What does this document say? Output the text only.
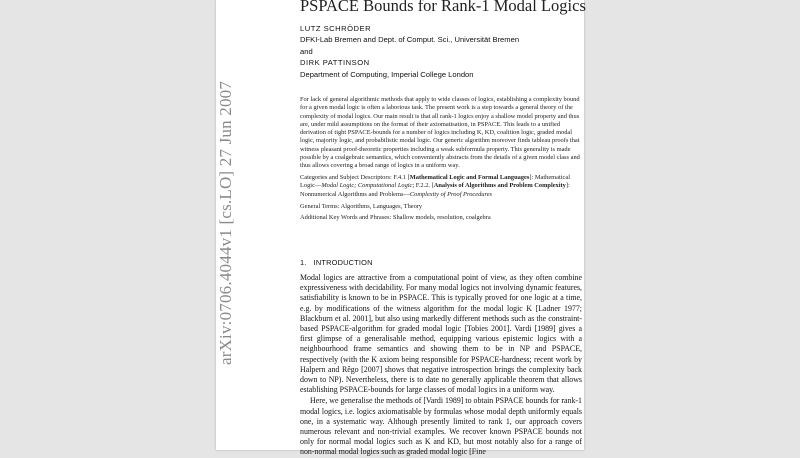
arXiv:0706.4044v1 [cs.LO] 27 Jun 2007
PSPACE Bounds for Rank-1 Modal Logics
LUTZ SCHRÖDER
DFKI-Lab Bremen and Dept. of Comput. Sci., Universität Bremen
and
DIRK PATTINSON
Department of Computing, Imperial College London

For lack of general algorithmic methods that apply to wide classes of logics, establishing a complexity bound for a given modal logic is often a laborious task. The present work is a step towards a general theory of the complexity of modal logics. Our main result is that all rank-1 logics enjoy a shallow model property and thus are, under mild assumptions on the format of their axiomatisation, in PSPACE. This leads to a unified derivation of tight PSPACE-bounds for a number of logics including K, KD, coalition logic, graded modal logic, majority logic, and probabilistic modal logic. Our generic algorithm moreover finds tableau proofs that witness pleasant proof-theoretic properties including a weak subformula property. This generality is made possible by a coalgebraic semantics, which conveniently abstracts from the details of a given model class and thus allows covering a broad range of logics in a uniform way.

Categories and Subject Descriptors: F.4.1 [Mathematical Logic and Formal Languages]: Mathematical Logic—Modal Logic; Computational Logic; F.2.2. [Analysis of Algorithms and Problem Complexity]: Nonnumerical Algorithms and Problems—Complexity of Proof Procedures

General Terms: Algorithms, Languages, Theory

Additional Key Words and Phrases: Shallow models, resolution, coalgebra

1. INTRODUCTION

Modal logics are attractive from a computational point of view, as they often combine expressiveness with decidability. For many modal logics not involving dynamic features, satisfiability is known to be in PSPACE. This is typically proved for one logic at a time, e.g. by modifications of the witness algorithm for the modal logic K [Ladner 1977; Blackburn et al. 2001], but also using markedly different methods such as the constraint-based PSPACE-algorithm for graded modal logic [Tobies 2001]. Vardi [1989] gives a first glimpse of a generalisable method, equipping various epistemic logics with a neighbourhood frame semantics and showing them to be in NP and PSPACE, respectively (with the K axiom being responsible for PSPACE-hardness; recent work by Halpern and Rêgo [2007] shows that negative introspection brings the complexity back down to NP). Nevertheless, there is to date no generally applicable theorem that allows establishing PSPACE-bounds for large classes of modal logics in a uniform way.

Here, we generalise the methods of [Vardi 1989] to obtain PSPACE bounds for rank-1 modal logics, i.e. logics axiomatisable by formulas whose modal depth uniformly equals one, in a systematic way. Although presently limited to rank 1, our approach covers numerous relevant and non-trivial examples. We recover known PSPACE bounds not only for normal modal logics such as K and KD, but most notably also for a range of non-normal modal logics such as graded modal logic [Fine
